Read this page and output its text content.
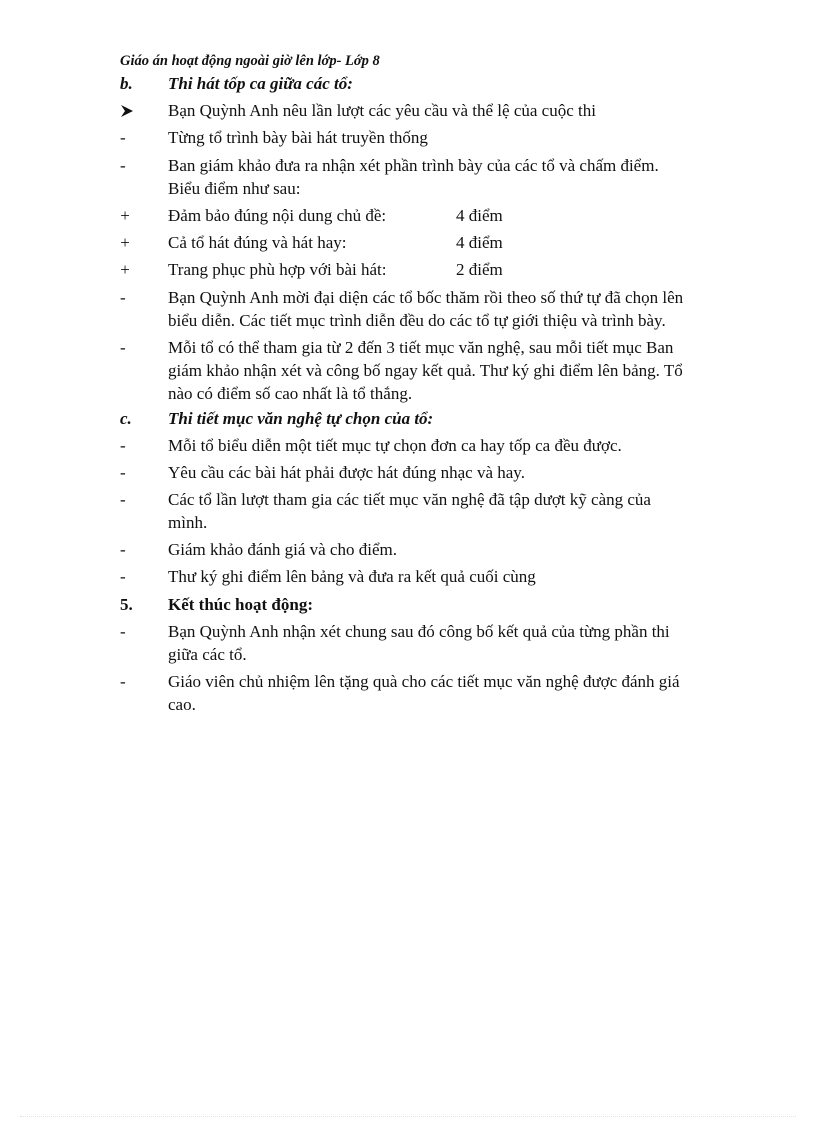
Giáo án hoạt động ngoài giờ lên lớp- Lớp 8
b.	Thi hát tốp ca giữa các tổ:
Bạn Quỳnh Anh nêu lần lượt các yêu cầu và thể lệ của cuộc thi
-	Từng tổ trình bày bài hát truyền thống
-	Ban giám khảo đưa ra nhận xét phần trình bày của các tổ và chấm điểm.
Biểu điểm như sau:
+	Đảm bảo đúng nội dung chủ đề:	4 điểm
+	Cả tổ hát đúng và hát hay:	4 điểm
+	Trang phục phù hợp với bài hát:	2 điểm
-	Bạn Quỳnh Anh mời đại diện các tổ bốc thăm rồi theo số thứ tự đã chọn lên
biểu diễn. Các tiết mục trình diễn đều do các tổ tự giới thiệu và trình bày.
-	Mỗi tổ có thể tham gia từ 2 đến 3 tiết mục văn nghệ, sau mỗi tiết mục Ban
giám khảo nhận xét và công bố ngay kết quả. Thư ký ghi điểm lên bảng. Tổ
nào có điểm số cao nhất là tổ thắng.
c.	Thi tiết mục văn nghệ tự chọn của tổ:
-	Mỗi tổ biểu diễn một tiết mục tự chọn đơn ca hay tốp ca đều được.
-	Yêu cầu các bài hát phải được hát đúng nhạc và hay.
-	Các tổ lần lượt tham gia các tiết mục văn nghệ đã tập dượt kỹ càng của
mình.
-	Giám khảo đánh giá và cho điểm.
-	Thư ký ghi điểm lên bảng và đưa ra kết quả cuối cùng
5.	Kết thúc hoạt động:
-	Bạn Quỳnh Anh nhận xét chung sau đó công bố kết quả của từng phần thi
giữa các tổ.
-	Giáo viên chủ nhiệm lên tặng quà cho các tiết mục văn nghệ được đánh giá
cao.
